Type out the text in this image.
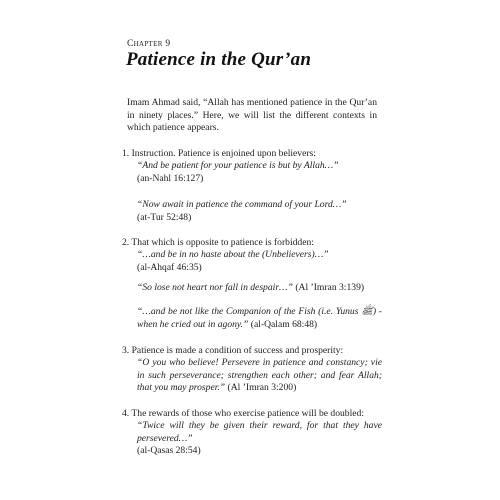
Chapter 9
Patience in the Qur’an
Imam Ahmad said, “Allah has mentioned patience in the Qur’an in ninety places.” Here, we will list the different contexts in which patience appears.
1. Instruction. Patience is enjoined upon believers:
“And be patient for your patience is but by Allah…”
(an-Nahl 16:127)
“Now await in patience the command of your Lord…”
(at-Tur 52:48)
2. That which is opposite to patience is forbidden:
“…and be in no haste about the (Unbelievers)…”
(al-Ahqaf 46:35)
“So lose not heart nor fall in despair…” (Al ’Imran 3:139)
“…and be not like the Companion of the Fish (i.e. Yunus ﷺ) - when he cried out in agony.” (al-Qalam 68:48)
3. Patience is made a condition of success and prosperity:
“O you who believe! Persevere in patience and constancy; vie in such perseverance; strengthen each other; and fear Allah; that you may prosper.” (Al ’Imran 3:200)
4. The rewards of those who exercise patience will be doubled:
“Twice will they be given their reward, for that they have persevered…”
(al-Qasas 28:54)
